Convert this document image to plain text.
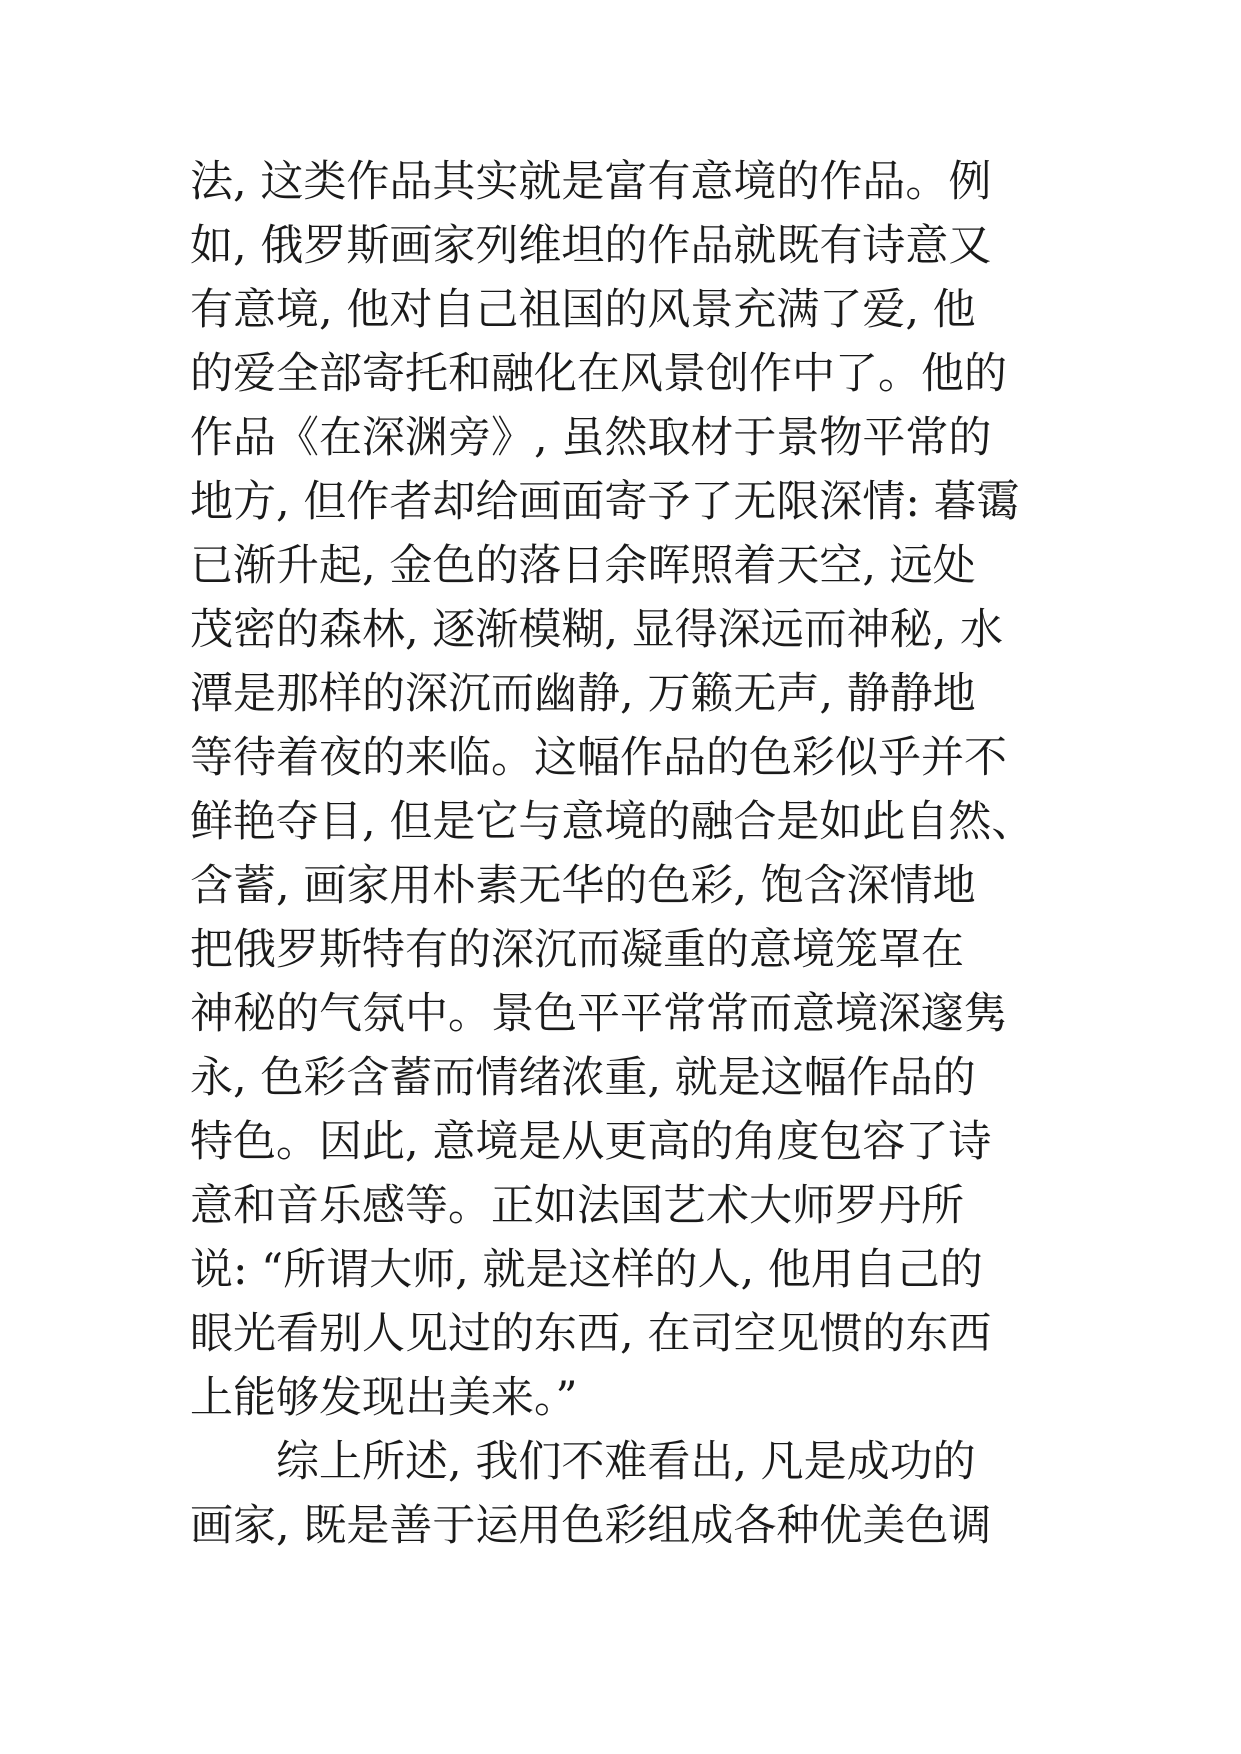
法, 这类作品其实就是富有意境的作品。例
如, 俄罗斯画家列维坦的作品就既有诗意又
有意境, 他对自己祖国的风景充满了爱, 他
的爱全部寄托和融化在风景创作中了。他的
作品《在深渊旁》, 虽然取材于景物平常的
地方, 但作者却给画面寄予了无限深情: 暮霭
已渐升起, 金色的落日余晖照着天空, 远处
茂密的森林, 逐渐模糊, 显得深远而神秘, 水
潭是那样的深沉而幽静, 万籁无声, 静静地
等待着夜的来临。这幅作品的色彩似乎并不
鲜艳夺目, 但是它与意境的融合是如此自然、
含蓄, 画家用朴素无华的色彩, 饱含深情地
把俄罗斯特有的深沉而凝重的意境笼罩在
神秘的气氛中。景色平平常常而意境深邃隽
永, 色彩含蓄而情绪浓重, 就是这幅作品的
特色。因此, 意境是从更高的角度包容了诗
意和音乐感等。正如法国艺术大师罗丹所
说: “所谓大师, 就是这样的人, 他用自己的
眼光看别人见过的东西, 在司空见惯的东西
上能够发现出美来。”
综上所述, 我们不难看出, 凡是成功的
画家, 既是善于运用色彩组成各种优美色调
